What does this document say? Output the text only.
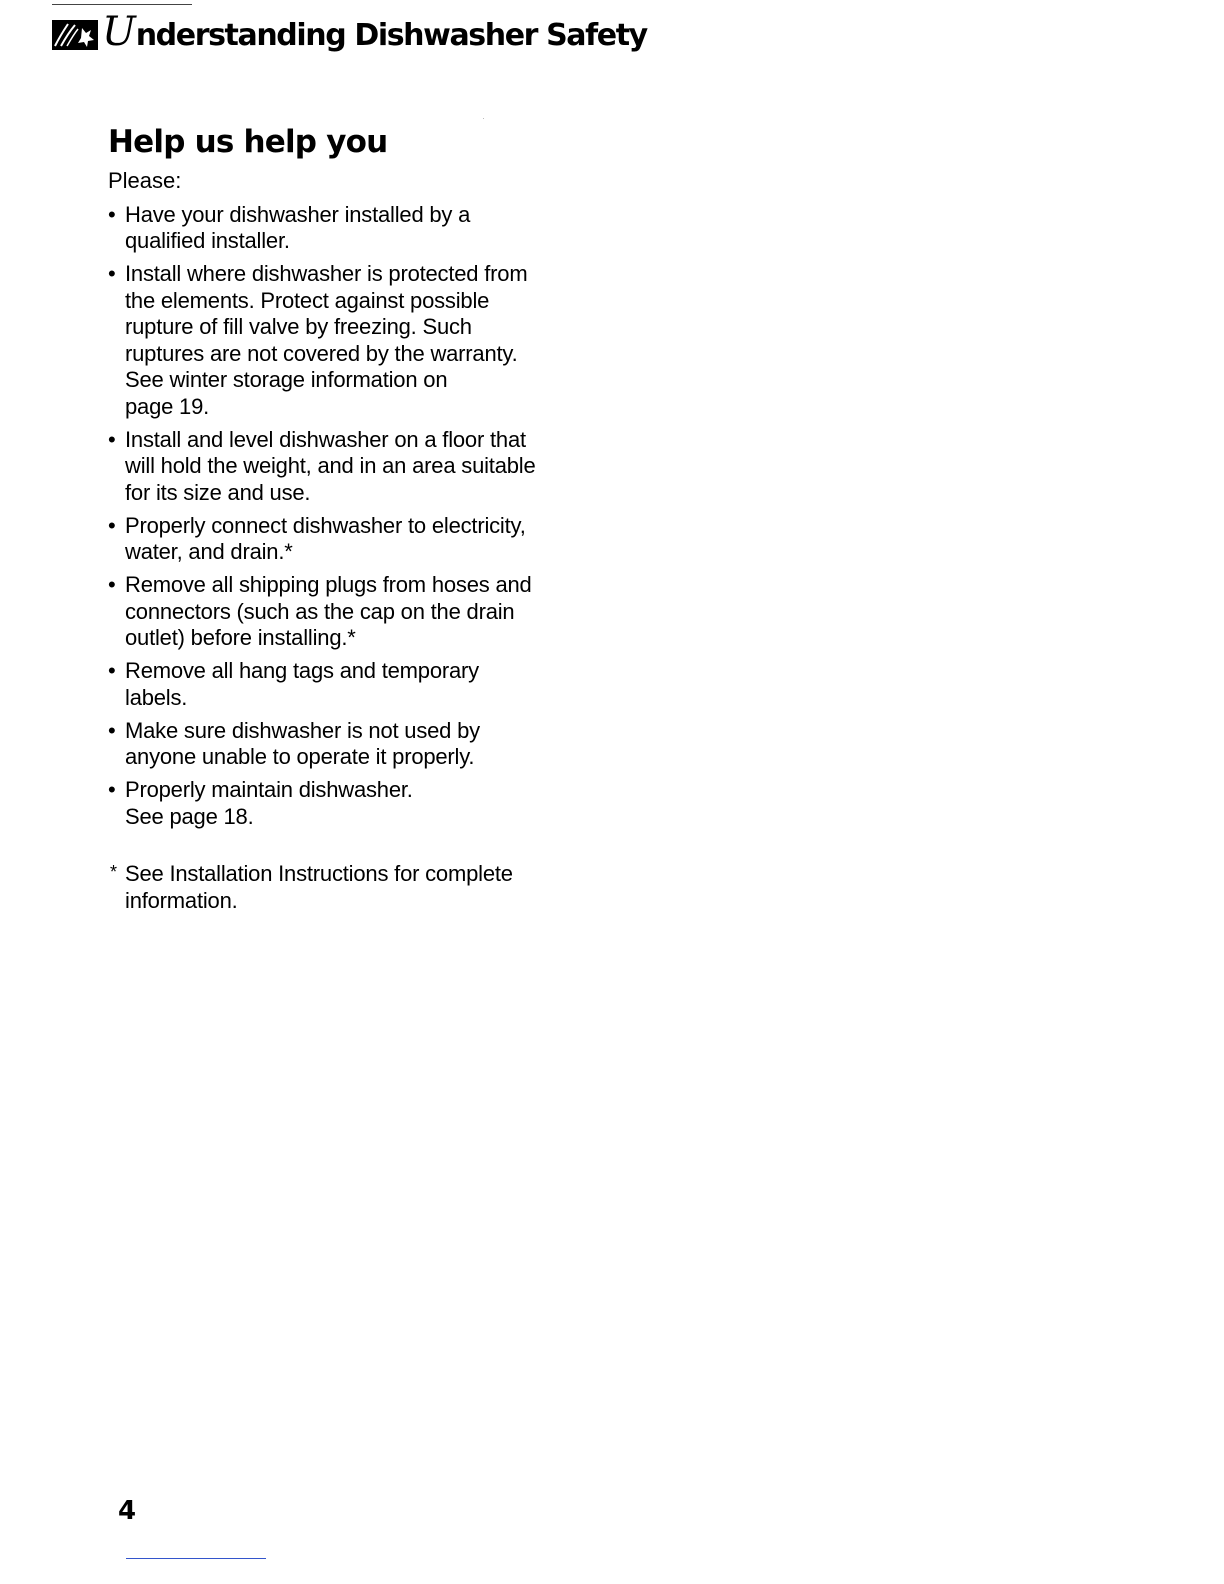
Understanding Dishwasher Safety
Help us help you
Please:
• Have your dishwasher installed by a
qualified installer.
• Install where dishwasher is protected from
the elements. Protect against possible
rupture of fill valve by freezing. Such
ruptures are not covered by the warranty.
See winter storage information on
page 19.
• Install and level dishwasher on a floor that
will hold the weight, and in an area suitable
for its size and use.
• Properly connect dishwasher to electricity,
water, and drain.*
• Remove all shipping plugs from hoses and
connectors (such as the cap on the drain
outlet) before installing.*
• Remove all hang tags and temporary
labels.
• Make sure dishwasher is not used by
anyone unable to operate it properly.
• Properly maintain dishwasher.
See page 18.
* See Installation Instructions for complete
information.
4
